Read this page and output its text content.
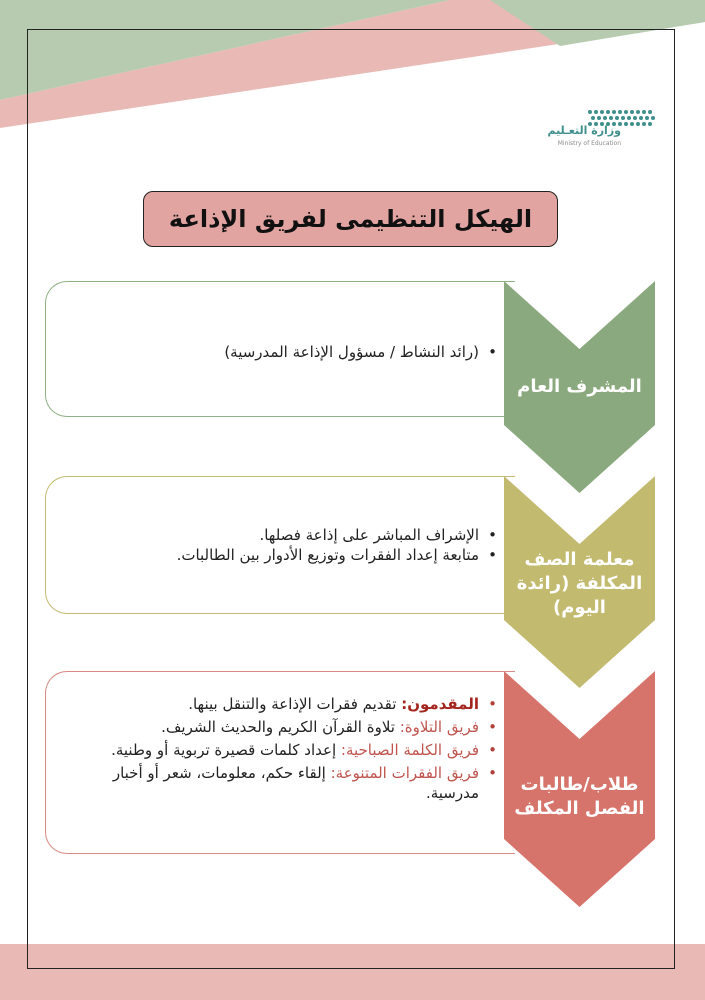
وزارة التعـليم
Ministry of Education
الهيكل التنظيمى لفريق الإذاعة
• (رائد النشاط / مسؤول الإذاعة المدرسية)
المشرف العام
• الإشراف المباشر على إذاعة فصلها.
• متابعة إعداد الفقرات وتوزيع الأدوار بين الطالبات.	معلمة الصف المكلفة (رائدة اليوم)
• المقدمون: تقديم فقرات الإذاعة والتنقل بينها.
• فريق التلاوة: تلاوة القرآن الكريم والحديث الشريف.
• فريق الكلمة الصباحية: إعداد كلمات قصيرة تربوية أو وطنية.
• فريق الفقرات المتنوعة: إلقاء حكم، معلومات، شعر أو أخبار مدرسية.	طلاب/طالبات الفصل المكلف
